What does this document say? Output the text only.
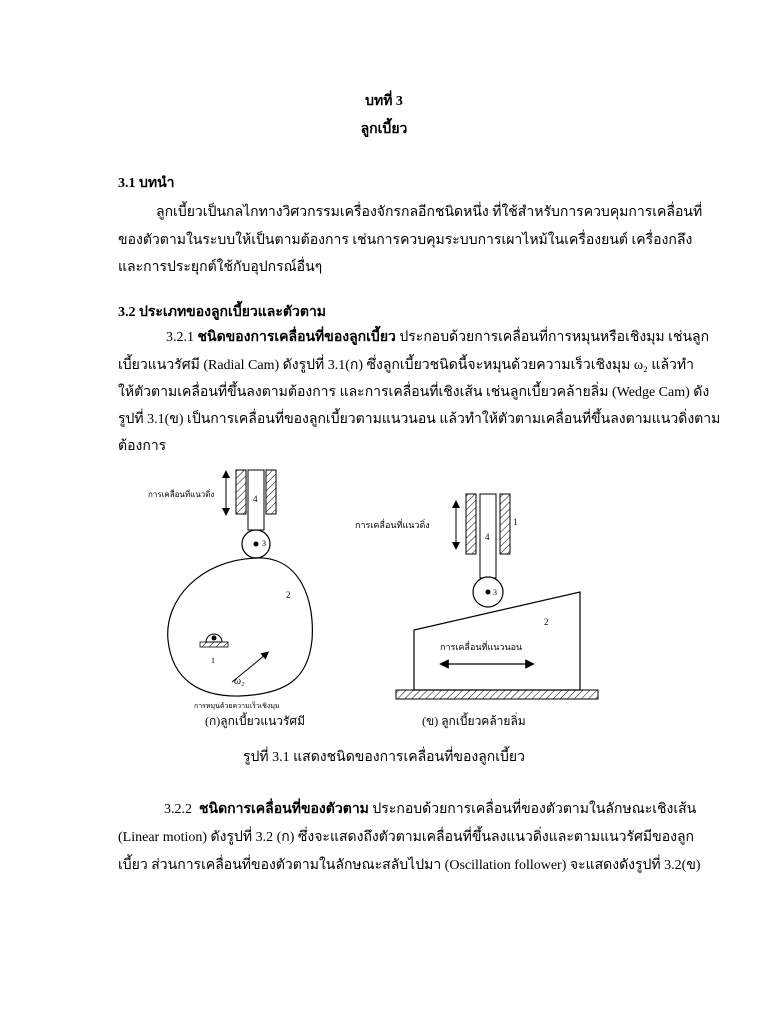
บทที่ 3
ลูกเบี้ยว
3.1 บทนำ
ลูกเบี้ยวเป็นกลไกทางวิศวกรรมเครื่องจักรกลอีกชนิดหนึ่ง ที่ใช้สำหรับการควบคุมการเคลื่อนที่
ของตัวตามในระบบให้เป็นตามต้องการ เช่นการควบคุมระบบการเผาไหม้ในเครื่องยนต์ เครื่องกลึง
และการประยุกต์ใช้กับอุปกรณ์อื่นๆ
3.2 ประเภทของลูกเบี้ยวและตัวตาม
3.2.1 ชนิดของการเคลื่อนที่ของลูกเบี้ยว ประกอบด้วยการเคลื่อนที่การหมุนหรือเชิงมุม เช่นลูก
เบี้ยวแนวรัศมี (Radial Cam) ดังรูปที่ 3.1(ก) ซึ่งลูกเบี้ยวชนิดนี้จะหมุนด้วยความเร็วเชิงมุม ω₂ แล้วทำ
ให้ตัวตามเคลื่อนที่ขึ้นลงตามต้องการ และการเคลื่อนที่เชิงเส้น เช่นลูกเบี้ยวคล้ายลิ่ม (Wedge Cam) ดัง
รูปที่ 3.1(ข) เป็นการเคลื่อนที่ของลูกเบี้ยวตามแนวนอน แล้วทำให้ตัวตามเคลื่อนที่ขึ้นลงตามแนวดิ่งตาม
ต้องการ
4
3
การเคลื่อนที่แนวดิ่ง
2
1
ω₂
การหมุนด้วยความเร็วเชิงมุม
(ก)ลูกเบี้ยวแนวรัศมี
4
1
การเคลื่อนที่แนวดิ่ง
3
2
การเคลื่อนที่แนวนอน
(ข) ลูกเบี้ยวคล้ายลิ่ม
รูปที่ 3.1 แสดงชนิดของการเคลื่อนที่ของลูกเบี้ยว
3.2.2 ชนิดการเคลื่อนที่ของตัวตาม ประกอบด้วยการเคลื่อนที่ของตัวตามในลักษณะเชิงเส้น
(Linear motion) ดังรูปที่ 3.2 (ก) ซึ่งจะแสดงถึงตัวตามเคลื่อนที่ขึ้นลงแนวดิ่งและตามแนวรัศมีของลูก
เบี้ยว ส่วนการเคลื่อนที่ของตัวตามในลักษณะสลับไปมา (Oscillation follower) จะแสดงดังรูปที่ 3.2(ข)
